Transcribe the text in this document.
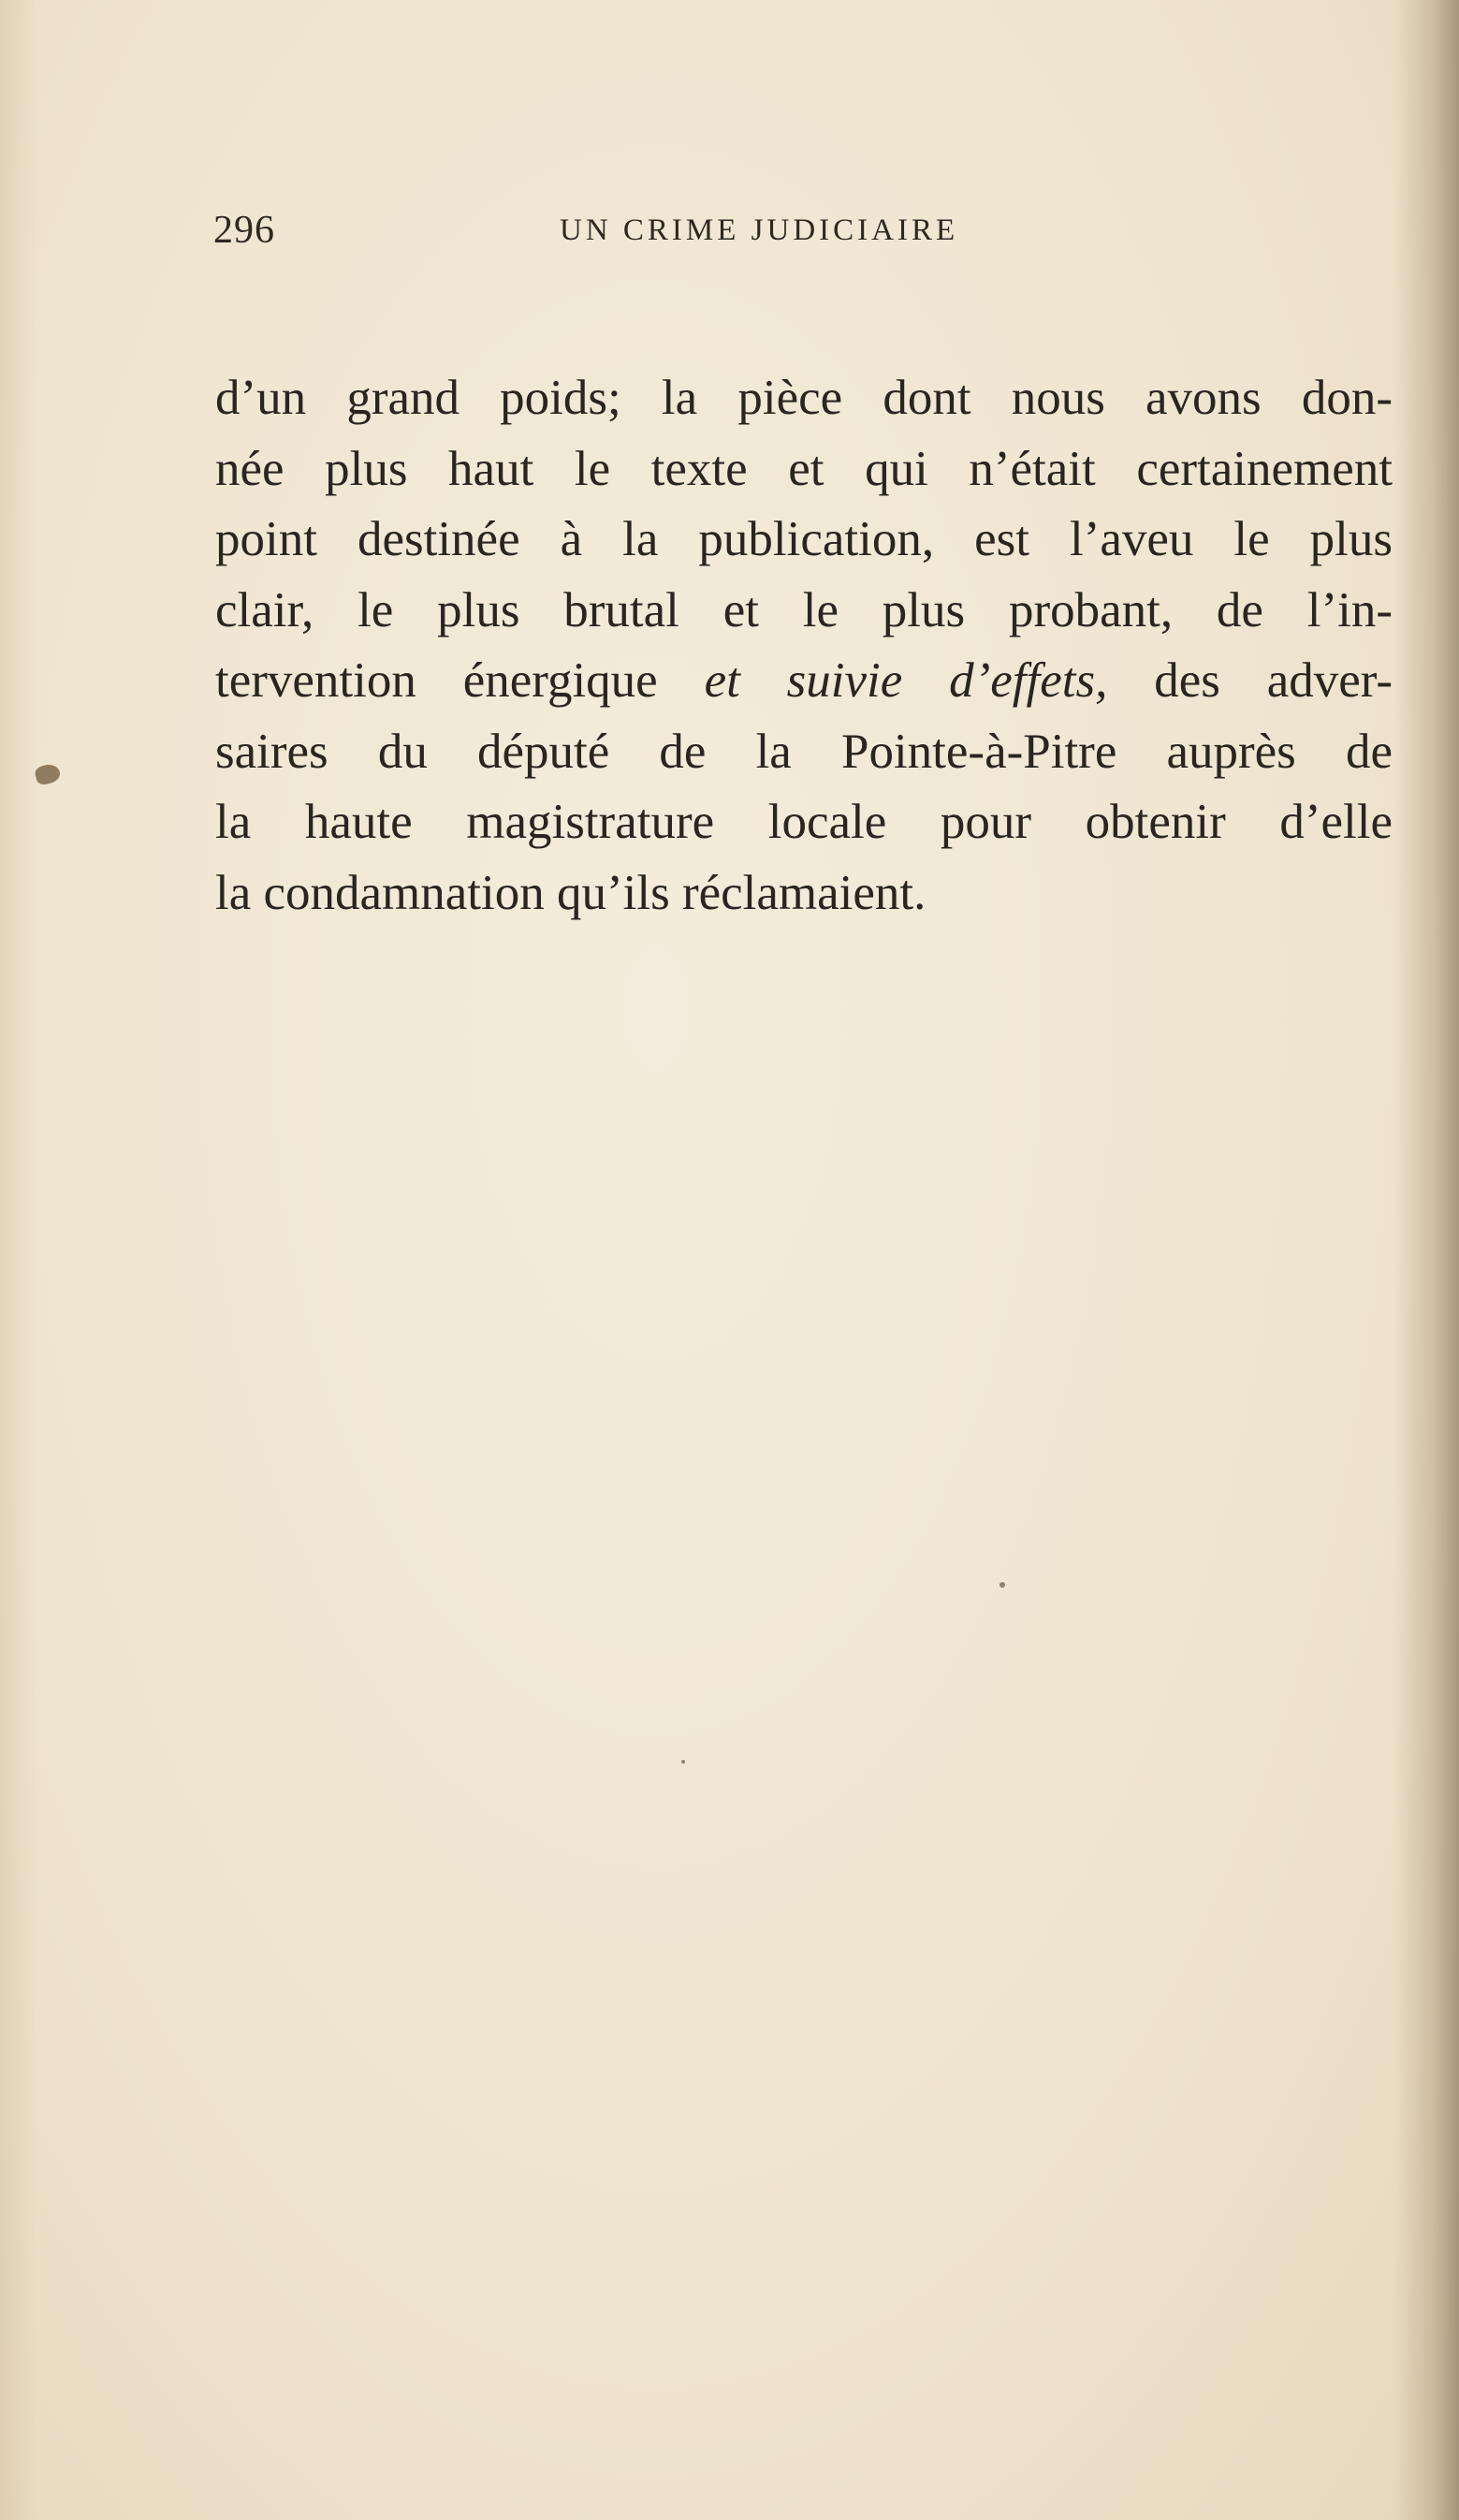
296	UN CRIME JUDICIAIRE
d’un grand poids; la pièce dont nous avons don-
née plus haut le texte et qui n’était certainement
point destinée à la publication, est l’aveu le plus
clair, le plus brutal et le plus probant, de l’in-
tervention énergique et suivie d’effets, des adver-
saires du député de la Pointe-à-Pitre auprès de
la haute magistrature locale pour obtenir d’elle
la condamnation qu’ils réclamaient.
